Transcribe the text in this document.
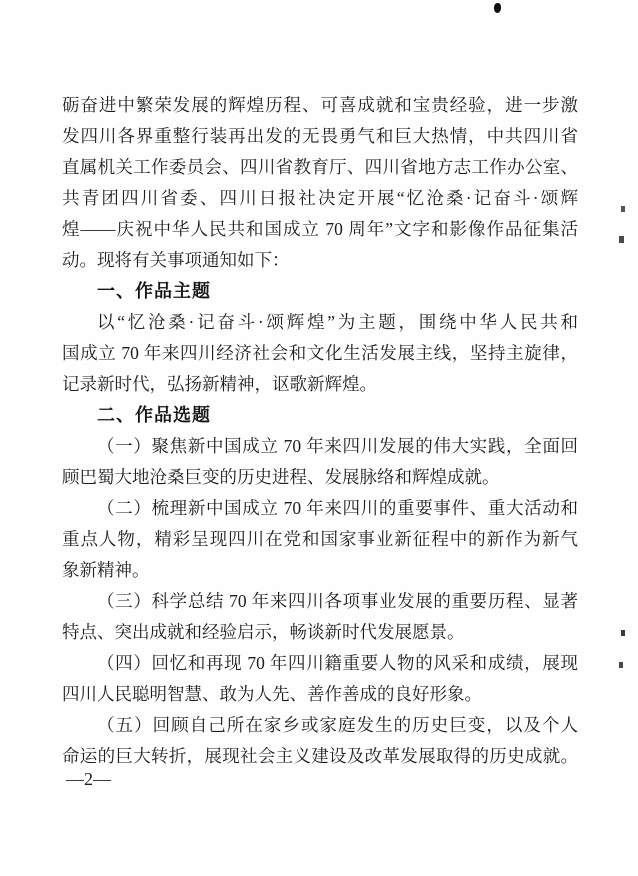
砺奋进中繁荣发展的辉煌历程、可喜成就和宝贵经验，进一步激
发四川各界重整行装再出发的无畏勇气和巨大热情，中共四川省
直属机关工作委员会、四川省教育厅、四川省地方志工作办公室、
共青团四川省委、四川日报社决定开展“忆沧桑·记奋斗·颂辉
煌——庆祝中华人民共和国成立 70 周年”文字和影像作品征集活
动。现将有关事项通知如下：
一、作品主题
以“忆沧桑·记奋斗·颂辉煌”为主题，围绕中华人民共和
国成立 70 年来四川经济社会和文化生活发展主线，坚持主旋律，
记录新时代，弘扬新精神，讴歌新辉煌。
二、作品选题
（一）聚焦新中国成立 70 年来四川发展的伟大实践，全面回
顾巴蜀大地沧桑巨变的历史进程、发展脉络和辉煌成就。
（二）梳理新中国成立 70 年来四川的重要事件、重大活动和
重点人物，精彩呈现四川在党和国家事业新征程中的新作为新气
象新精神。
（三）科学总结 70 年来四川各项事业发展的重要历程、显著
特点、突出成就和经验启示，畅谈新时代发展愿景。
（四）回忆和再现 70 年四川籍重要人物的风采和成绩，展现
四川人民聪明智慧、敢为人先、善作善成的良好形象。
（五）回顾自己所在家乡或家庭发生的历史巨变，以及个人
命运的巨大转折，展现社会主义建设及改革发展取得的历史成就。
—2—
